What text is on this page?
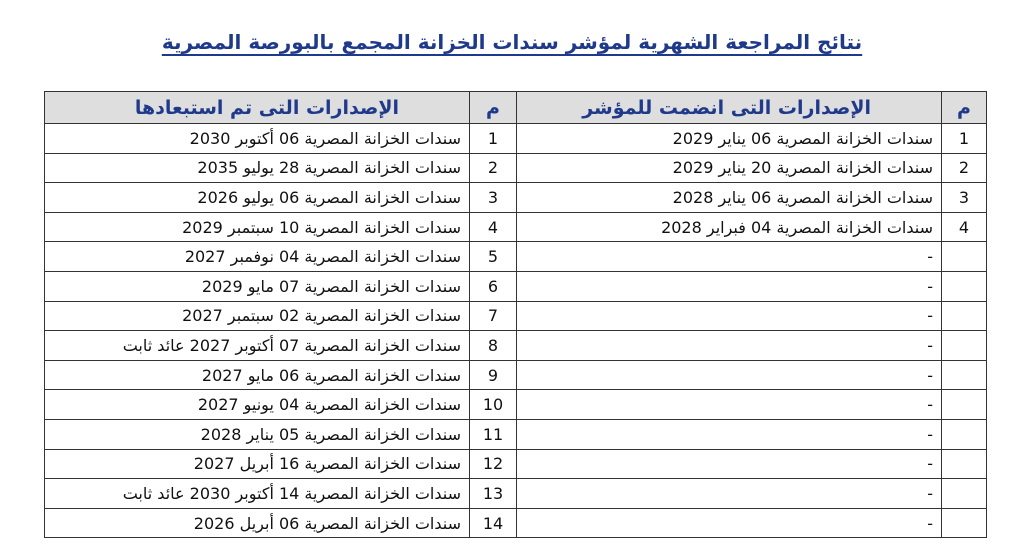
نتائج المراجعة الشهرية لمؤشر سندات الخزانة المجمع بالبورصة المصرية
م	الإصدارات التى انضمت للمؤشر	م	الإصدارات التى تم استبعادها
1	سندات الخزانة المصرية 06 يناير 2029	1	سندات الخزانة المصرية 06 أكتوبر 2030
2	سندات الخزانة المصرية 20 يناير 2029	2	سندات الخزانة المصرية 28 يوليو 2035
3	سندات الخزانة المصرية 06 يناير 2028	3	سندات الخزانة المصرية 06 يوليو 2026
4	سندات الخزانة المصرية 04 فبراير 2028	4	سندات الخزانة المصرية 10 سبتمبر 2029
	-	5	سندات الخزانة المصرية 04 نوفمبر 2027
	-	6	سندات الخزانة المصرية 07 مايو 2029
	-	7	سندات الخزانة المصرية 02 سبتمبر 2027
	-	8	سندات الخزانة المصرية 07 أكتوبر 2027 عائد ثابت
	-	9	سندات الخزانة المصرية 06 مايو 2027
	-	10	سندات الخزانة المصرية 04 يونيو 2027
	-	11	سندات الخزانة المصرية 05 يناير 2028
	-	12	سندات الخزانة المصرية 16 أبريل 2027
	-	13	سندات الخزانة المصرية 14 أكتوبر 2030 عائد ثابت
	-	14	سندات الخزانة المصرية 06 أبريل 2026
